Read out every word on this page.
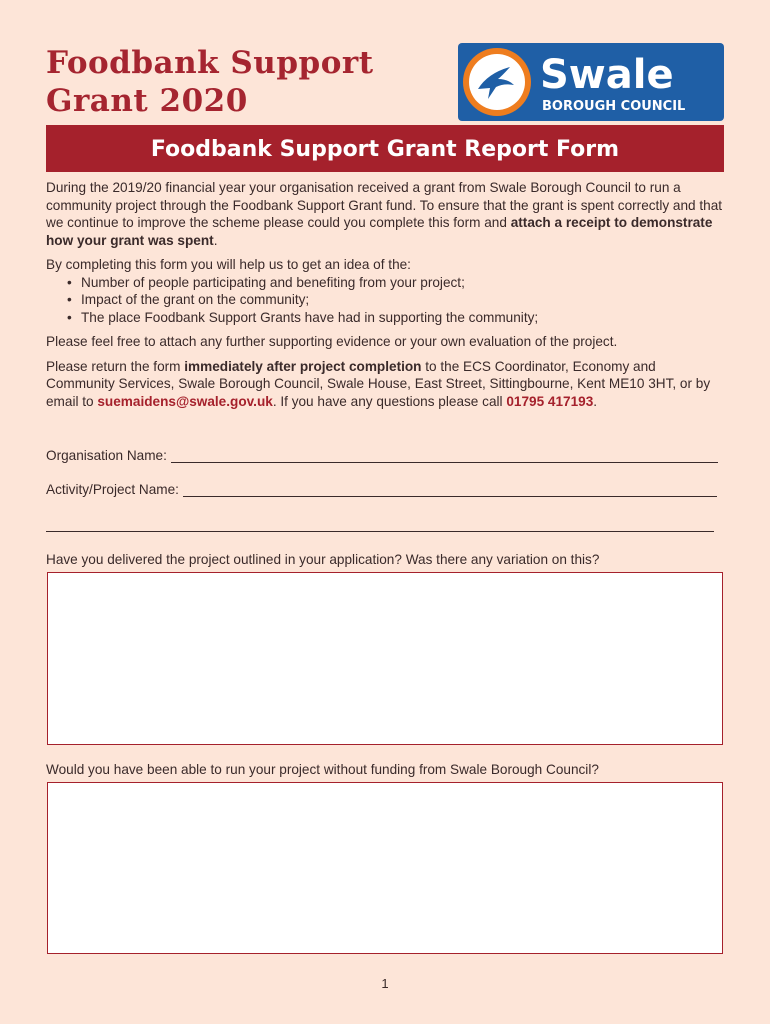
Foodbank Support
Grant 2020
Swale
BOROUGH COUNCIL
Foodbank Support Grant Report Form

During the 2019/20 financial year your organisation received a grant from Swale Borough Council to run a community project through the Foodbank Support Grant fund. To ensure that the grant is spent correctly and that we continue to improve the scheme please could you complete this form and attach a receipt to demonstrate how your grant was spent.

By completing this form you will help us to get an idea of the:

• Number of people participating and benefiting from your project;
• Impact of the grant on the community;
• The place Foodbank Support Grants have had in supporting the community;

Please feel free to attach any further supporting evidence or your own evaluation of the project.

Please return the form immediately after project completion to the ECS Coordinator, Economy and Community Services, Swale Borough Council, Swale House, East Street, Sittingbourne, Kent ME10 3HT, or by email to suemaidens@swale.gov.uk. If you have any questions please call 01795 417193.

Organisation Name:
Activity/Project Name:
Have you delivered the project outlined in your application? Was there any variation on this?
Would you have been able to run your project without funding from Swale Borough Council?
1
